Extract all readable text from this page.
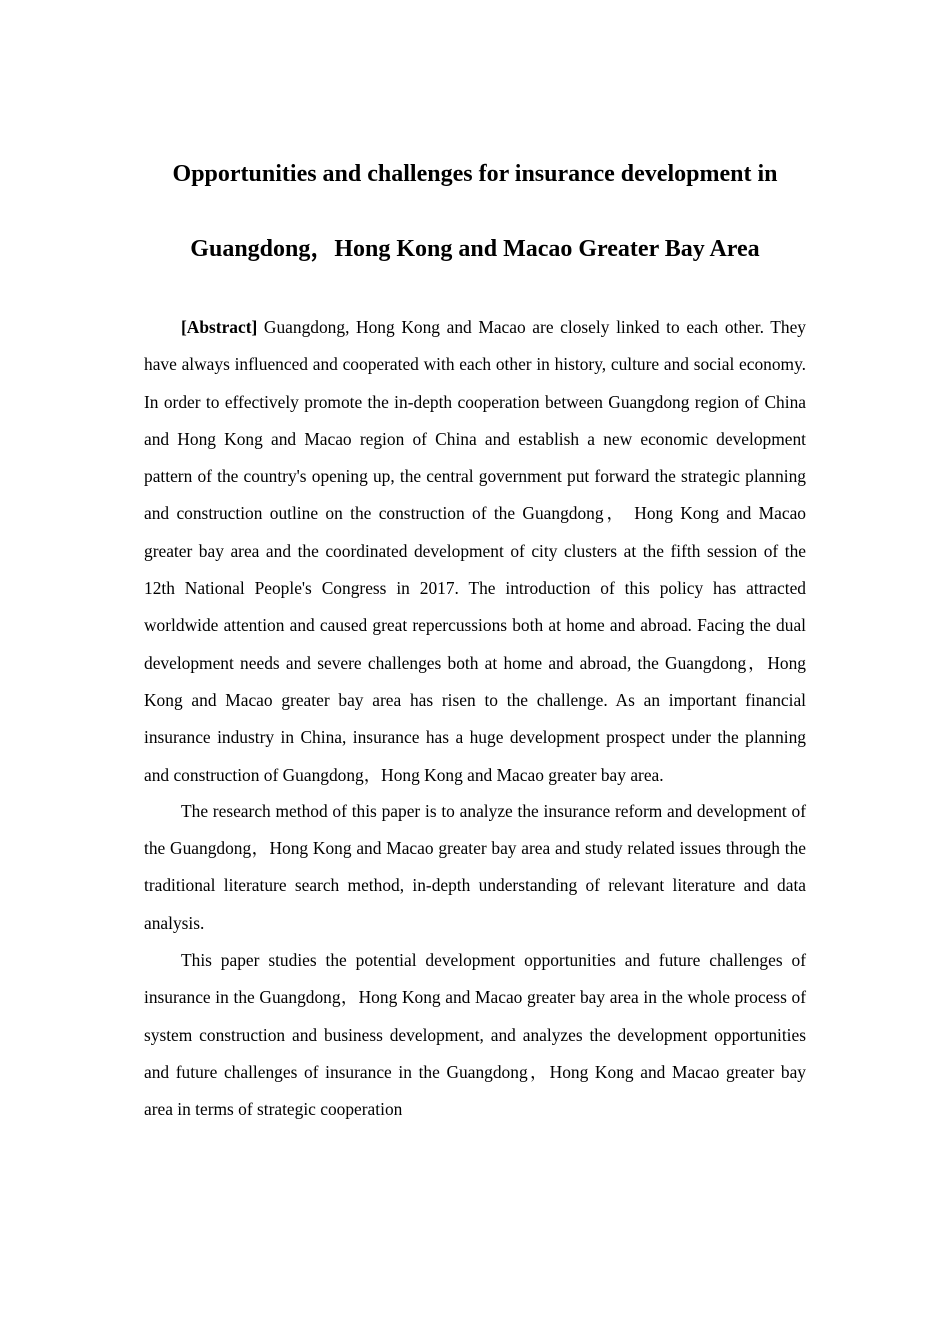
Opportunities and challenges for insurance development in
Guangdong，Hong Kong and Macao Greater Bay Area

[Abstract] Guangdong, Hong Kong and Macao are closely linked to each other. They have always influenced and cooperated with each other in history, culture and social economy. In order to effectively promote the in-depth cooperation between Guangdong region of China and Hong Kong and Macao region of China and establish a new economic development pattern of the country's opening up, the central government put forward the strategic planning and construction outline on the construction of the Guangdong， Hong Kong and Macao greater bay area and the coordinated development of city clusters at the fifth session of the 12th National People's Congress in 2017. The introduction of this policy has attracted worldwide attention and caused great repercussions both at home and abroad. Facing the dual development needs and severe challenges both at home and abroad, the Guangdong，Hong Kong and Macao greater bay area has risen to the challenge. As an important financial insurance industry in China, insurance has a huge development prospect under the planning and construction of Guangdong，Hong Kong and Macao greater bay area.

The research method of this paper is to analyze the insurance reform and development of the Guangdong，Hong Kong and Macao greater bay area and study related issues through the traditional literature search method, in-depth understanding of relevant literature and data analysis.

This paper studies the potential development opportunities and future challenges of insurance in the Guangdong，Hong Kong and Macao greater bay area in the whole process of system construction and business development, and analyzes the development opportunities and future challenges of insurance in the Guangdong，Hong Kong and Macao greater bay area in terms of strategic cooperation
